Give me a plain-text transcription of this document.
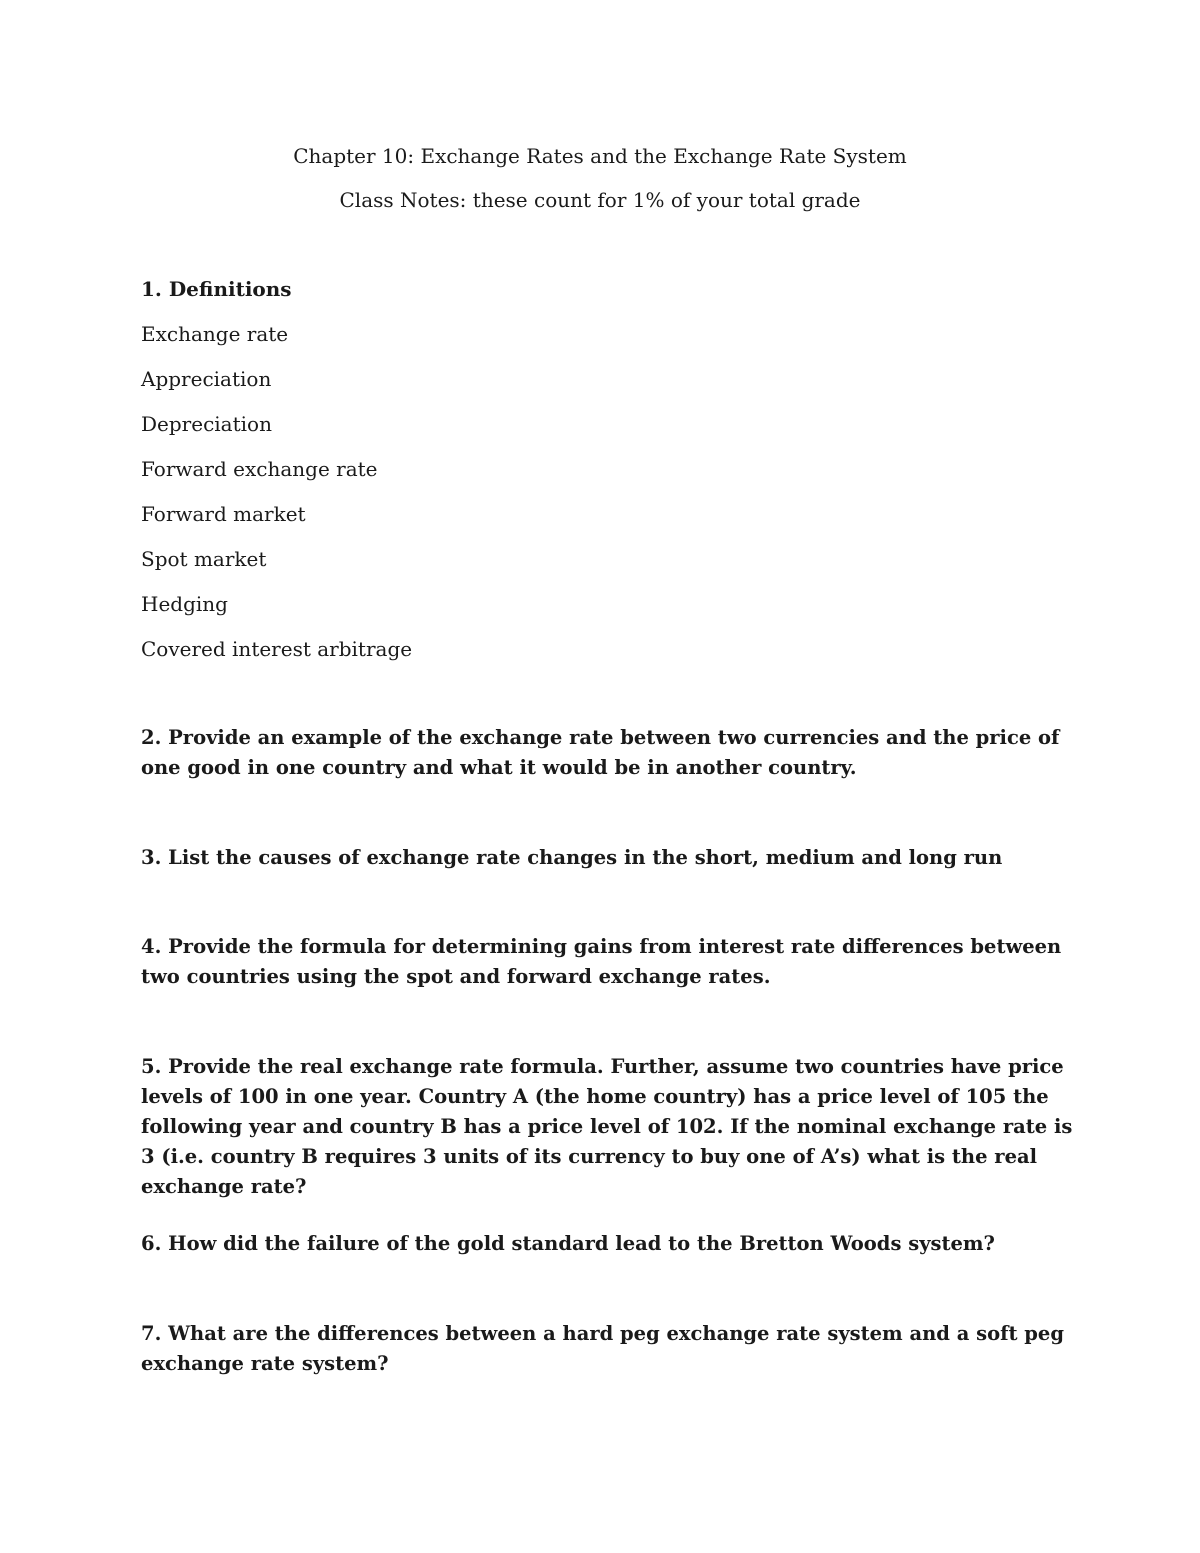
Chapter 10: Exchange Rates and the Exchange Rate System
Class Notes: these count for 1% of your total grade
1. Definitions
Exchange rate
Appreciation
Depreciation
Forward exchange rate
Forward market
Spot market
Hedging
Covered interest arbitrage

2. Provide an example of the exchange rate between two currencies and the price of one good in one country and what it would be in another country.

3. List the causes of exchange rate changes in the short, medium and long run

4. Provide the formula for determining gains from interest rate differences between two countries using the spot and forward exchange rates.

5. Provide the real exchange rate formula. Further, assume two countries have price levels of 100 in one year. Country A (the home country) has a price level of 105 the following year and country B has a price level of 102. If the nominal exchange rate is 3 (i.e. country B requires 3 units of its currency to buy one of A’s) what is the real exchange rate?

6. How did the failure of the gold standard lead to the Bretton Woods system?

7. What are the differences between a hard peg exchange rate system and a soft peg exchange rate system?
